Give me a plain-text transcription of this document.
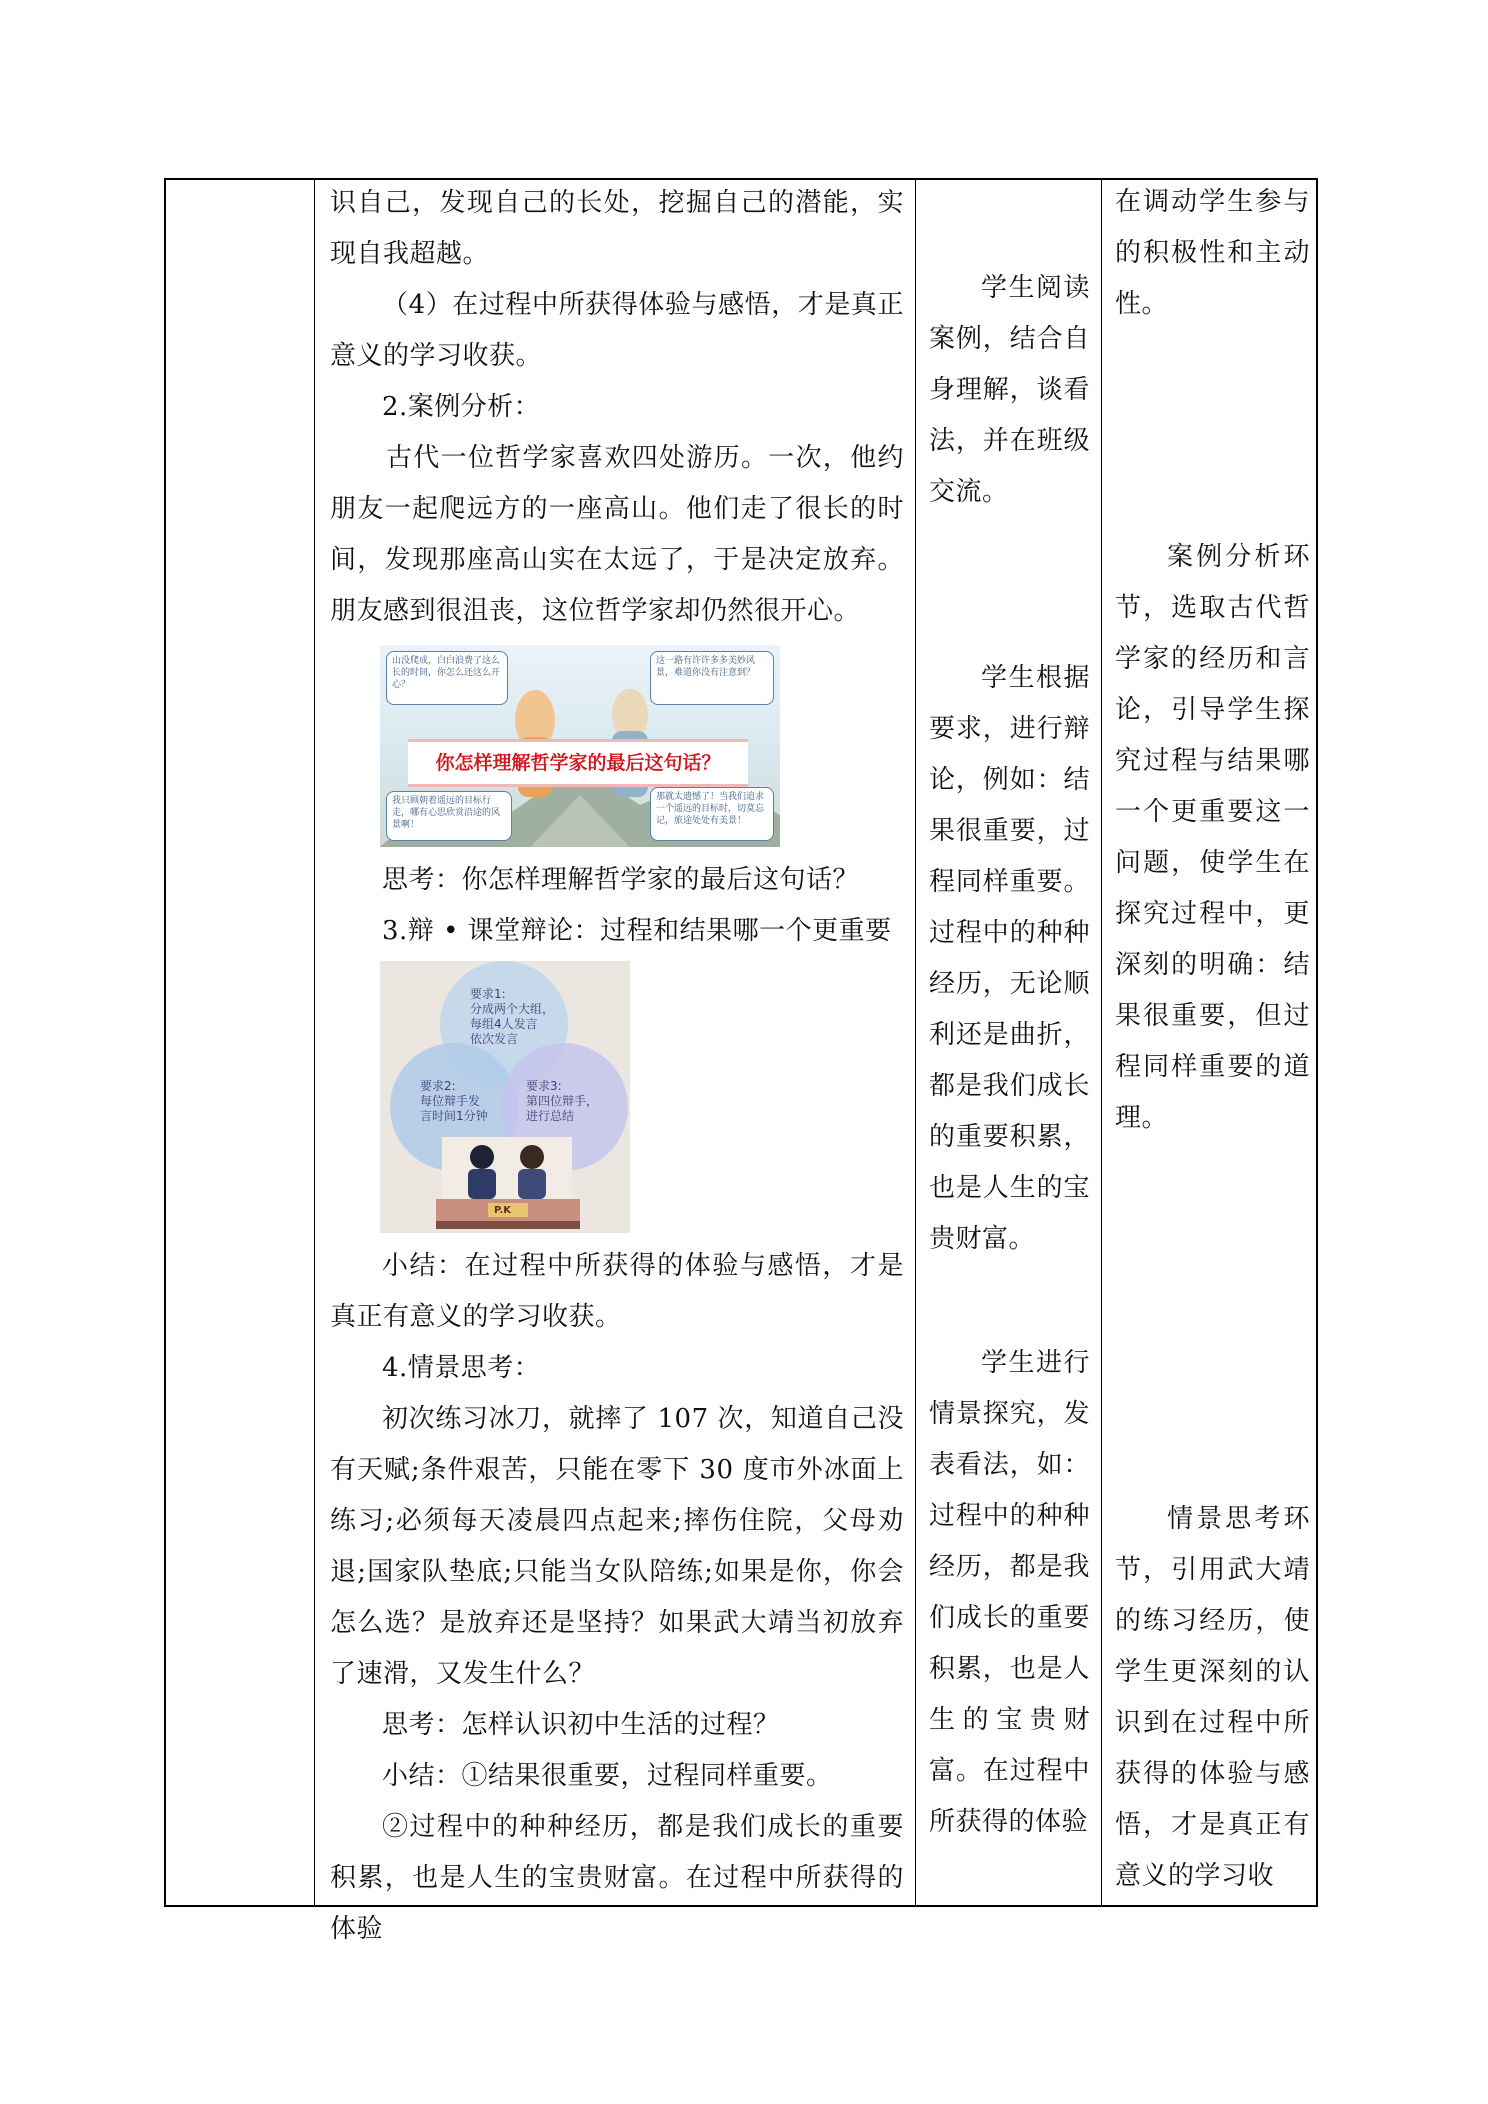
识自己，发现自己的长处，挖掘自己的潜能，实现自我超越。

（4）在过程中所获得体验与感悟，才是真正意义的学习收获。

2.案例分析：

古代一位哲学家喜欢四处游历。一次，他约朋友一起爬远方的一座高山。他们走了很长的时间，发现那座高山实在太远了，于是决定放弃。朋友感到很沮丧，这位哲学家却仍然很开心。

山没爬成，白白浪费了这么长的时间，你怎么还这么开心？
这一路有许许多多美妙风景，难道你没有注意到？
你怎样理解哲学家的最后这句话？
我只顾朝着遥远的目标行走，哪有心思欣赏沿途的风景啊！
那就太遗憾了！当我们追求一个遥远的目标时，切莫忘记，旅途处处有美景！

思考：你怎样理解哲学家的最后这句话？

3.辩 • 课堂辩论：过程和结果哪一个更重要

要求1:
分成两个大组，
每组4人发言
依次发言
要求2:
每位辩手发
言时间1分钟
要求3:
第四位辩手，
进行总结
P.K

小结：在过程中所获得的体验与感悟，才是真正有意义的学习收获。

4.情景思考：

初次练习冰刀，就摔了 107 次，知道自己没有天赋;条件艰苦，只能在零下 30 度市外冰面上练习;必须每天凌晨四点起来;摔伤住院，父母劝退;国家队垫底;只能当女队陪练;如果是你，你会怎么选？是放弃还是坚持？如果武大靖当初放弃了速滑，又发生什么？

思考：怎样认识初中生活的过程？

小结：①结果很重要，过程同样重要。

②过程中的种种经历，都是我们成长的重要积累，也是人生的宝贵财富。在过程中所获得的体验

学生阅读案例，结合自身理解，谈看法，并在班级交流。

学生根据要求，进行辩论，例如：结果很重要，过程同样重要。过程中的种种经历，无论顺利还是曲折，都是我们成长的重要积累，也是人生的宝贵财富。

学生进行情景探究，发表看法，如：过程中的种种经历，都是我们成长的重要积累，也是人生的宝贵财富。在过程中所获得的体验

在调动学生参与的积极性和主动性。

案例分析环节，选取古代哲学家的经历和言论，引导学生探究过程与结果哪一个更重要这一问题，使学生在探究过程中，更深刻的明确：结果很重要，但过程同样重要的道理。

情景思考环节，引用武大靖的练习经历，使学生更深刻的认识到在过程中所获得的体验与感悟，才是真正有意义的学习收
